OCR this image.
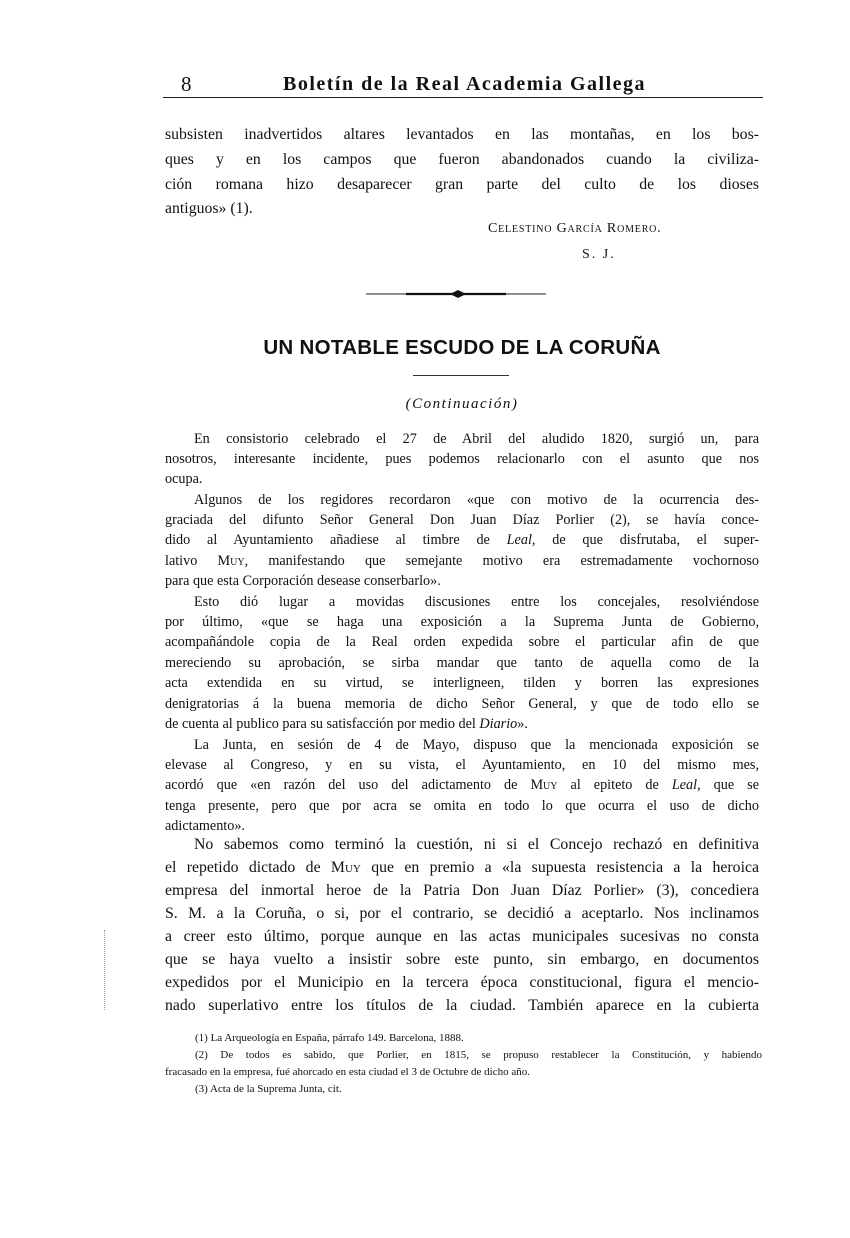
8	Boletín de la Real Academia Gallega

subsisten inadvertidos altares levantados en las montañas, en los bos-

ques y en los campos que fueron abandonados cuando la civiliza-

ción romana hizo desaparecer gran parte del culto de los dioses

antiguos» (1).

Celestino García Romero.

S. J.

UN NOTABLE ESCUDO DE LA CORUÑA

(Continuación)

En consistorio celebrado el 27 de Abril del aludido 1820, surgió un, para

nosotros, interesante incidente, pues podemos relacionarlo con el asunto que nos

ocupa.

Algunos de los regidores recordaron «que con motivo de la ocurrencia des-

graciada del difunto Señor General Don Juan Díaz Porlier (2), se havía conce-

dido al Ayuntamiento añadiese al timbre de Leal, de que disfrutaba, el super-

lativo Muy, manifestando que semejante motivo era estremadamente vochornoso

para que esta Corporación desease conserbarlo».

Esto dió lugar a movidas discusiones entre los concejales, resolviéndose

por último, «que se haga una exposición a la Suprema Junta de Gobierno,

acompañándole copia de la Real orden expedida sobre el particular afin de que

mereciendo su aprobación, se sirba mandar que tanto de aquella como de la

acta extendida en su virtud, se interligneen, tilden y borren las expresiones

denigratorias á la buena memoria de dicho Señor General, y que de todo ello se

de cuenta al publico para su satisfacción por medio del Diario».

La Junta, en sesión de 4 de Mayo, dispuso que la mencionada exposición se

elevase al Congreso, y en su vista, el Ayuntamiento, en 10 del mismo mes,

acordó que «en razón del uso del adictamento de Muy al epiteto de Leal, que se

tenga presente, pero que por acra se omita en todo lo que ocurra el uso de dicho

adictamento».

No sabemos como terminó la cuestión, ni si el Concejo rechazó en definitiva

el repetido dictado de Muy que en premio a «la supuesta resistencia a la heroica

empresa del inmortal heroe de la Patria Don Juan Díaz Porlier» (3), concediera

S. M. a la Coruña, o si, por el contrario, se decidió a aceptarlo. Nos inclinamos

a creer esto último, porque aunque en las actas municipales sucesivas no consta

que se haya vuelto a insistir sobre este punto, sin embargo, en documentos

expedidos por el Municipio en la tercera época constitucional, figura el mencio-

nado superlativo entre los títulos de la ciudad. También aparece en la cubierta

(1) La Arqueología en España, párrafo 149. Barcelona, 1888.

(2) De todos es sabido, que Porlier, en 1815, se propuso restablecer la Constitución, y habiendo

fracasado en la empresa, fué ahorcado en esta ciudad el 3 de Octubre de dicho año.

(3) Acta de la Suprema Junta, cit.
